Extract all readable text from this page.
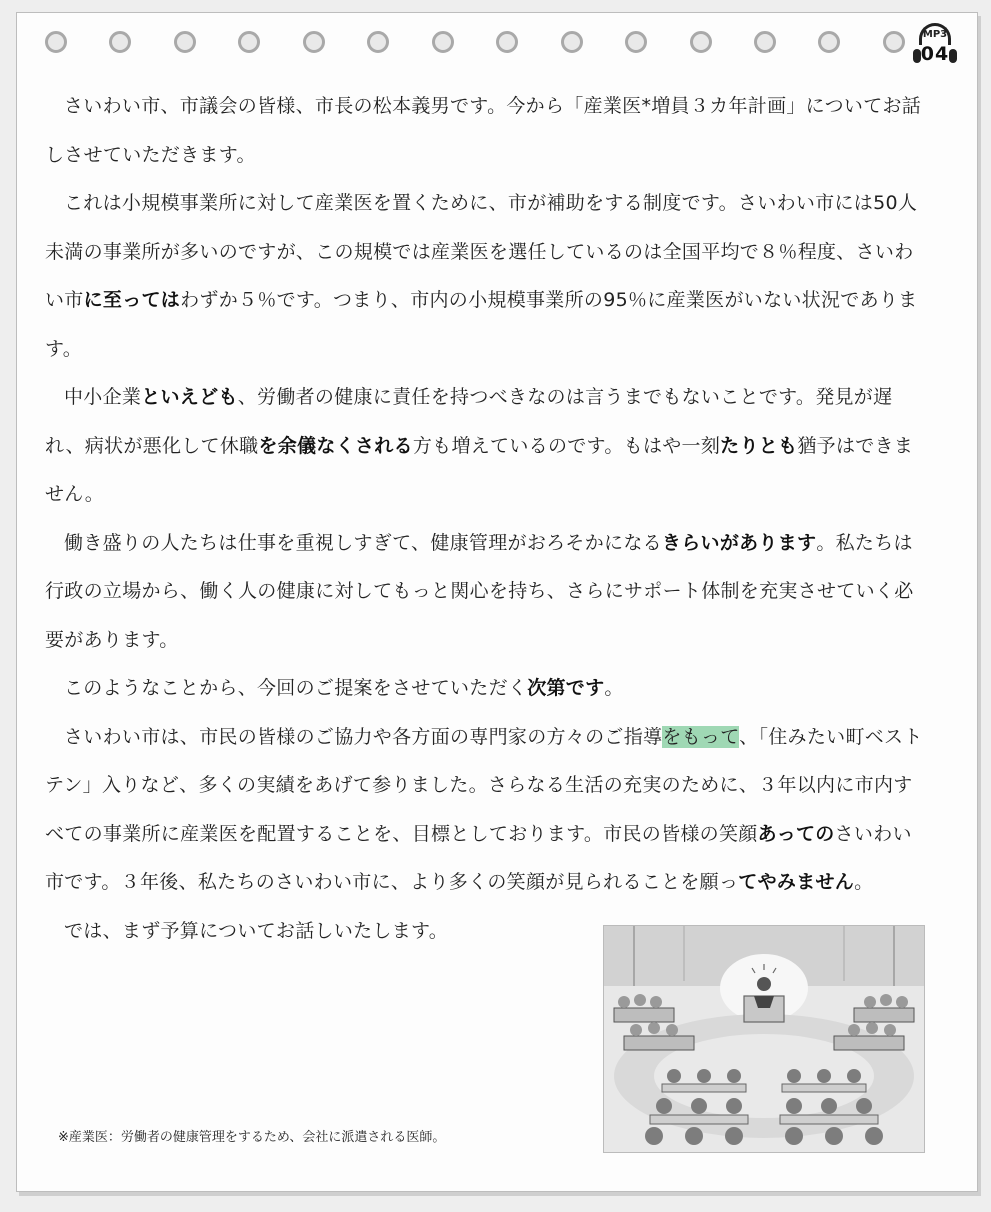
MP3
04

さいわい市、市議会の皆様、市長の松本義男です。今から「産業医*増員３カ年計画」についてお話しさせていただきます。

これは小規模事業所に対して産業医を置くために、市が補助をする制度です。さいわい市には50人未満の事業所が多いのですが、この規模では産業医を選任しているのは全国平均で８％程度、さいわい市に至ってはわずか５％です。つまり、市内の小規模事業所の95％に産業医がいない状況であります。

中小企業といえども、労働者の健康に責任を持つべきなのは言うまでもないことです。発見が遅れ、病状が悪化して休職を余儀なくされる方も増えているのです。もはや一刻たりとも猶予はできません。

働き盛りの人たちは仕事を重視しすぎて、健康管理がおろそかになるきらいがあります。私たちは行政の立場から、働く人の健康に対してもっと関心を持ち、さらにサポート体制を充実させていく必要があります。

このようなことから、今回のご提案をさせていただく次第です。

さいわい市は、市民の皆様のご協力や各方面の専門家の方々のご指導をもって、「住みたい町ベストテン」入りなど、多くの実績をあげて参りました。さらなる生活の充実のために、３年以内に市内すべての事業所に産業医を配置することを、目標としております。市民の皆様の笑顔あってのさいわい市です。３年後、私たちのさいわい市に、より多くの笑顔が見られることを願ってやみません。

では、まず予算についてお話しいたします。

※産業医：労働者の健康管理をするため、会社に派遣される医師。
